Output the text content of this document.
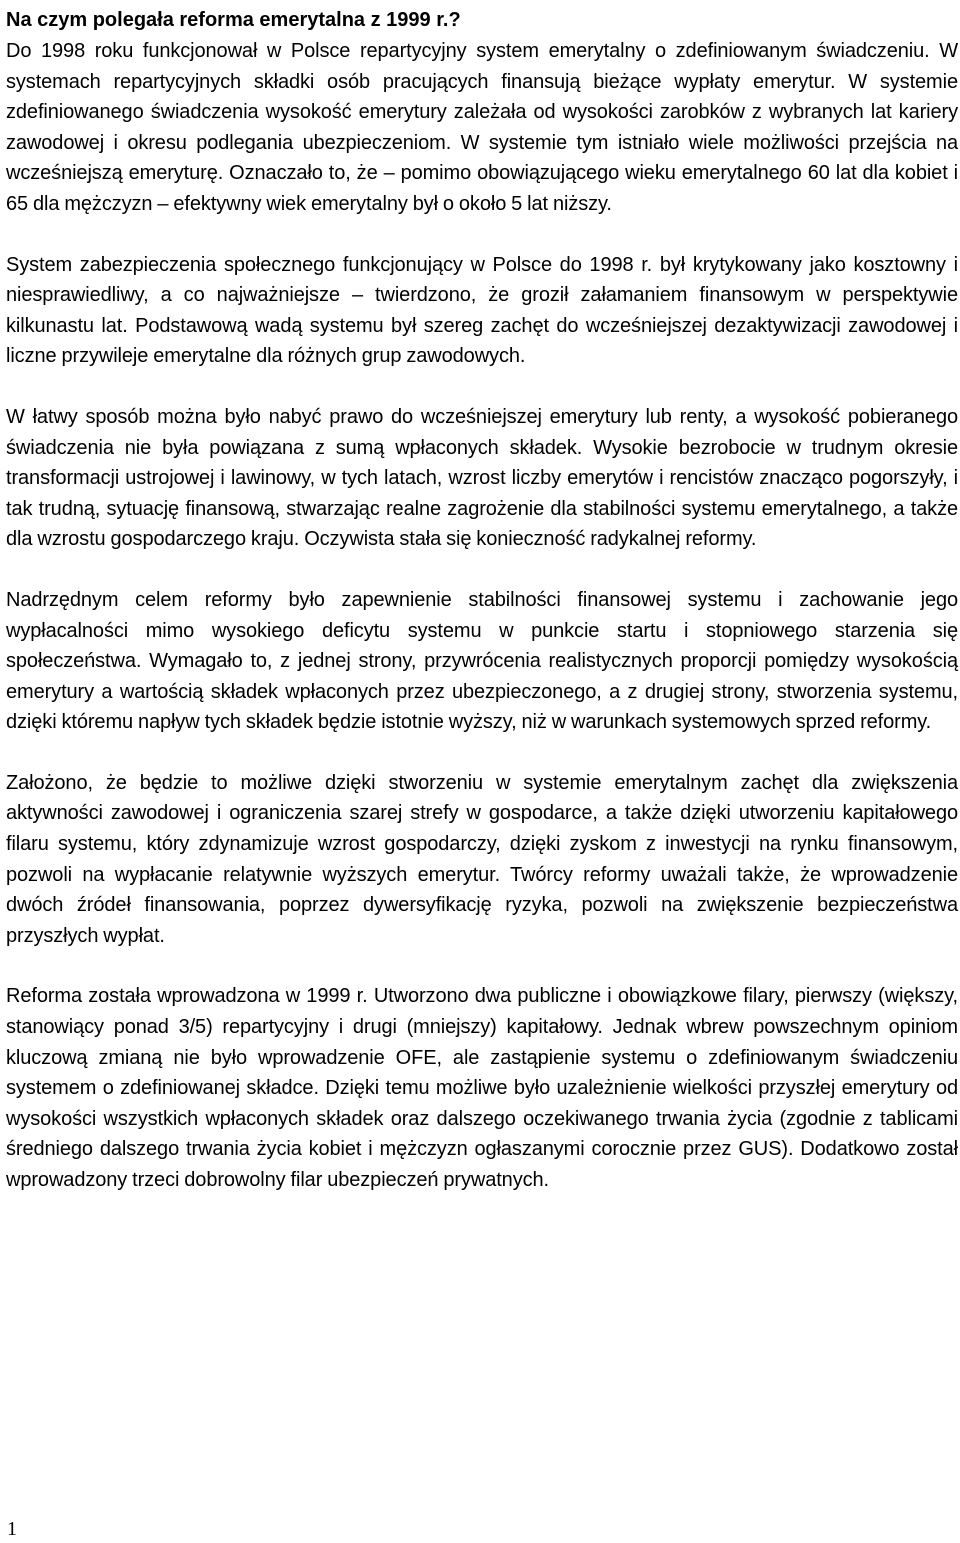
Na czym polegała reforma emerytalna z 1999 r.?

Do 1998 roku funkcjonował w Polsce repartycyjny system emerytalny o zdefiniowanym świadczeniu. W systemach repartycyjnych składki osób pracujących finansują bieżące wypłaty emerytur. W systemie zdefiniowanego świadczenia wysokość emerytury zależała od wysokości zarobków z wybranych lat kariery zawodowej i okresu podlegania ubezpieczeniom. W systemie tym istniało wiele możliwości przejścia na wcześniejszą emeryturę. Oznaczało to, że – pomimo obowiązującego wieku emerytalnego 60 lat dla kobiet i 65 dla mężczyzn – efektywny wiek emerytalny był o około 5 lat niższy.

System zabezpieczenia społecznego funkcjonujący w Polsce do 1998 r. był krytykowany jako kosztowny i niesprawiedliwy, a co najważniejsze – twierdzono, że groził załamaniem finansowym w perspektywie kilkunastu lat. Podstawową wadą systemu był szereg zachęt do wcześniejszej dezaktywizacji zawodowej i liczne przywileje emerytalne dla różnych grup zawodowych.

W łatwy sposób można było nabyć prawo do wcześniejszej emerytury lub renty, a wysokość pobieranego świadczenia nie była powiązana z sumą wpłaconych składek. Wysokie bezrobocie w trudnym okresie transformacji ustrojowej i lawinowy, w tych latach, wzrost liczby emerytów i rencistów znacząco pogorszyły, i tak trudną, sytuację finansową, stwarzając realne zagrożenie dla stabilności systemu emerytalnego, a także dla wzrostu gospodarczego kraju. Oczywista stała się konieczność radykalnej reformy.

Nadrzędnym celem reformy było zapewnienie stabilności finansowej systemu i zachowanie jego wypłacalności mimo wysokiego deficytu systemu w punkcie startu i stopniowego starzenia się społeczeństwa. Wymagało to, z jednej strony, przywrócenia realistycznych proporcji pomiędzy wysokością emerytury a wartością składek wpłaconych przez ubezpieczonego, a z drugiej strony, stworzenia systemu, dzięki któremu napływ tych składek będzie istotnie wyższy, niż w warunkach systemowych sprzed reformy.

Założono, że będzie to możliwe dzięki stworzeniu w systemie emerytalnym zachęt dla zwiększenia aktywności zawodowej i ograniczenia szarej strefy w gospodarce, a także dzięki utworzeniu kapitałowego filaru systemu, który zdynamizuje wzrost gospodarczy, dzięki zyskom z inwestycji na rynku finansowym, pozwoli na wypłacanie relatywnie wyższych emerytur. Twórcy reformy uważali także, że wprowadzenie dwóch źródeł finansowania, poprzez dywersyfikację ryzyka, pozwoli na zwiększenie bezpieczeństwa przyszłych wypłat.

Reforma została wprowadzona w 1999 r. Utworzono dwa publiczne i obowiązkowe filary, pierwszy (większy, stanowiący ponad 3/5) repartycyjny i drugi (mniejszy) kapitałowy. Jednak wbrew powszechnym opiniom kluczową zmianą nie było wprowadzenie OFE, ale zastąpienie systemu o zdefiniowanym świadczeniu systemem o zdefiniowanej składce. Dzięki temu możliwe było uzależnienie wielkości przyszłej emerytury od wysokości wszystkich wpłaconych składek oraz dalszego oczekiwanego trwania życia (zgodnie z tablicami średniego dalszego trwania życia kobiet i mężczyzn ogłaszanymi corocznie przez GUS). Dodatkowo został wprowadzony trzeci dobrowolny filar ubezpieczeń prywatnych.

1
